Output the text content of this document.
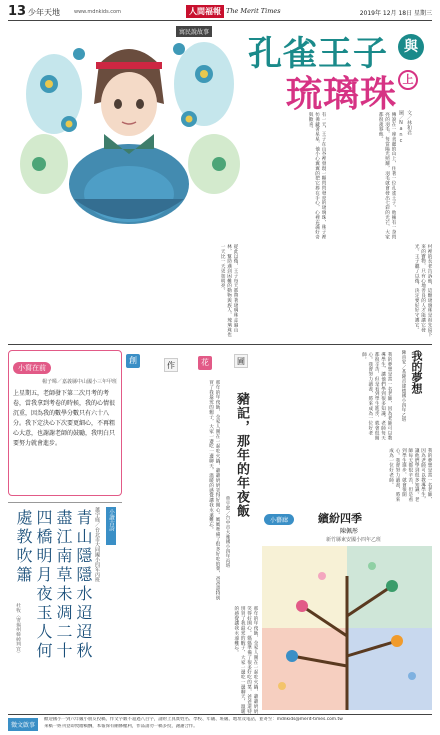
13 少年天地	www.mdnkids.com	人間福報 The Merit Times	2019年 12月 18日 星期三
寓民說故事
孔雀王子	與
琉璃珠 上
文／林和君
圖／Nanc
傳說在一座美麗的山上，住著一位孔雀王子。他擁有一身閃亮的羽毛，每當陽光照耀，羽毛就會發出七彩的光芒，大家都很羨慕他。
有一天，王子在山谷裡發現一顆閃閃發亮的琉璃珠，珠子裡彷彿藏著星星，他小心翼翼的把它捧在手心，心裡充滿好奇與歡喜。
村裡的長老告訴他，這顆琉璃珠是祖先留下來的寶物，只有心地善良的人才能讓它發光。王子聽了以後，決定要好好守護它。
從此以後，王子每天都帶著琉璃珠走遍山林，幫助遇到困難的動物與族人，琉璃珠也一天比一天更加明亮。
小寫在前
楊子晞／嘉義縣中山國小三年甲班
上星期五，老師發下第二次月考的考卷，當我拿到考卷的時候，我的心情很沉重，因為我的數學分數只有六十八分。我下定決心下次要更細心，不再粗心大意，也謝謝老師的鼓勵，我明白只要努力就會進步。
創
作	花	圃
豬記，那年的年夜飯
曾宇庭／台中市大雅國小四年丙班
那年的年夜飯，全家人圍在一起吃火鍋，爺爺奶奶笑得好開心。媽媽準備了很多好吃的菜，爸爸還特別買了我最愛的蝦子，大家一邊吃一邊聊天，溫暖的感覺讓我永遠難忘。
我的夢想
陳晉安／基隆市建德國小四年乙班
我的夢想是當一名老師，因為老師可以教導學生，讓他們學到很多知識。老師每天都很辛苦，但是看到學生進步，就會很開心。我會努力讀書，將來成為一位好老師。
我的夢想是當一名老師，因為老師可以教導學生，讓他們學到很多知識。老師每天都很辛苦，但是看到學生進步，就會很開心。我會努力讀書，將來成為一位好老師。
小讀古詩
蕭宇庭／台北市大同國小四年丙班
青山隱隱水迢迢秋
盡江南草未凋二十
四橋明月夜玉人何
處教吹簫
杜牧〈寄揚州韓綽判官〉
小藝廊	繽紛四季
陳佩彤
新竹縣東安國小四年乙班
那年的年夜飯，全家人圍在一起吃火鍋，爺爺奶奶笑得好開心。媽媽準備了很多好吃的菜，爸爸還特別買了我最愛的蝦子，大家一邊吃一邊聊天，溫暖的感覺讓我永遠難忘。
徵文啟事
歡迎國小一到六年級小朋友投稿，作文字數不超過八百字，請附上真實姓名、學校、年級、班級、地址及電話，並寄至：mdnkids@merit-times.com.tw
來稿一經刊登即致贈稿酬，本報保有刪修權利，作品請勿一稿多投，謝謝合作。
